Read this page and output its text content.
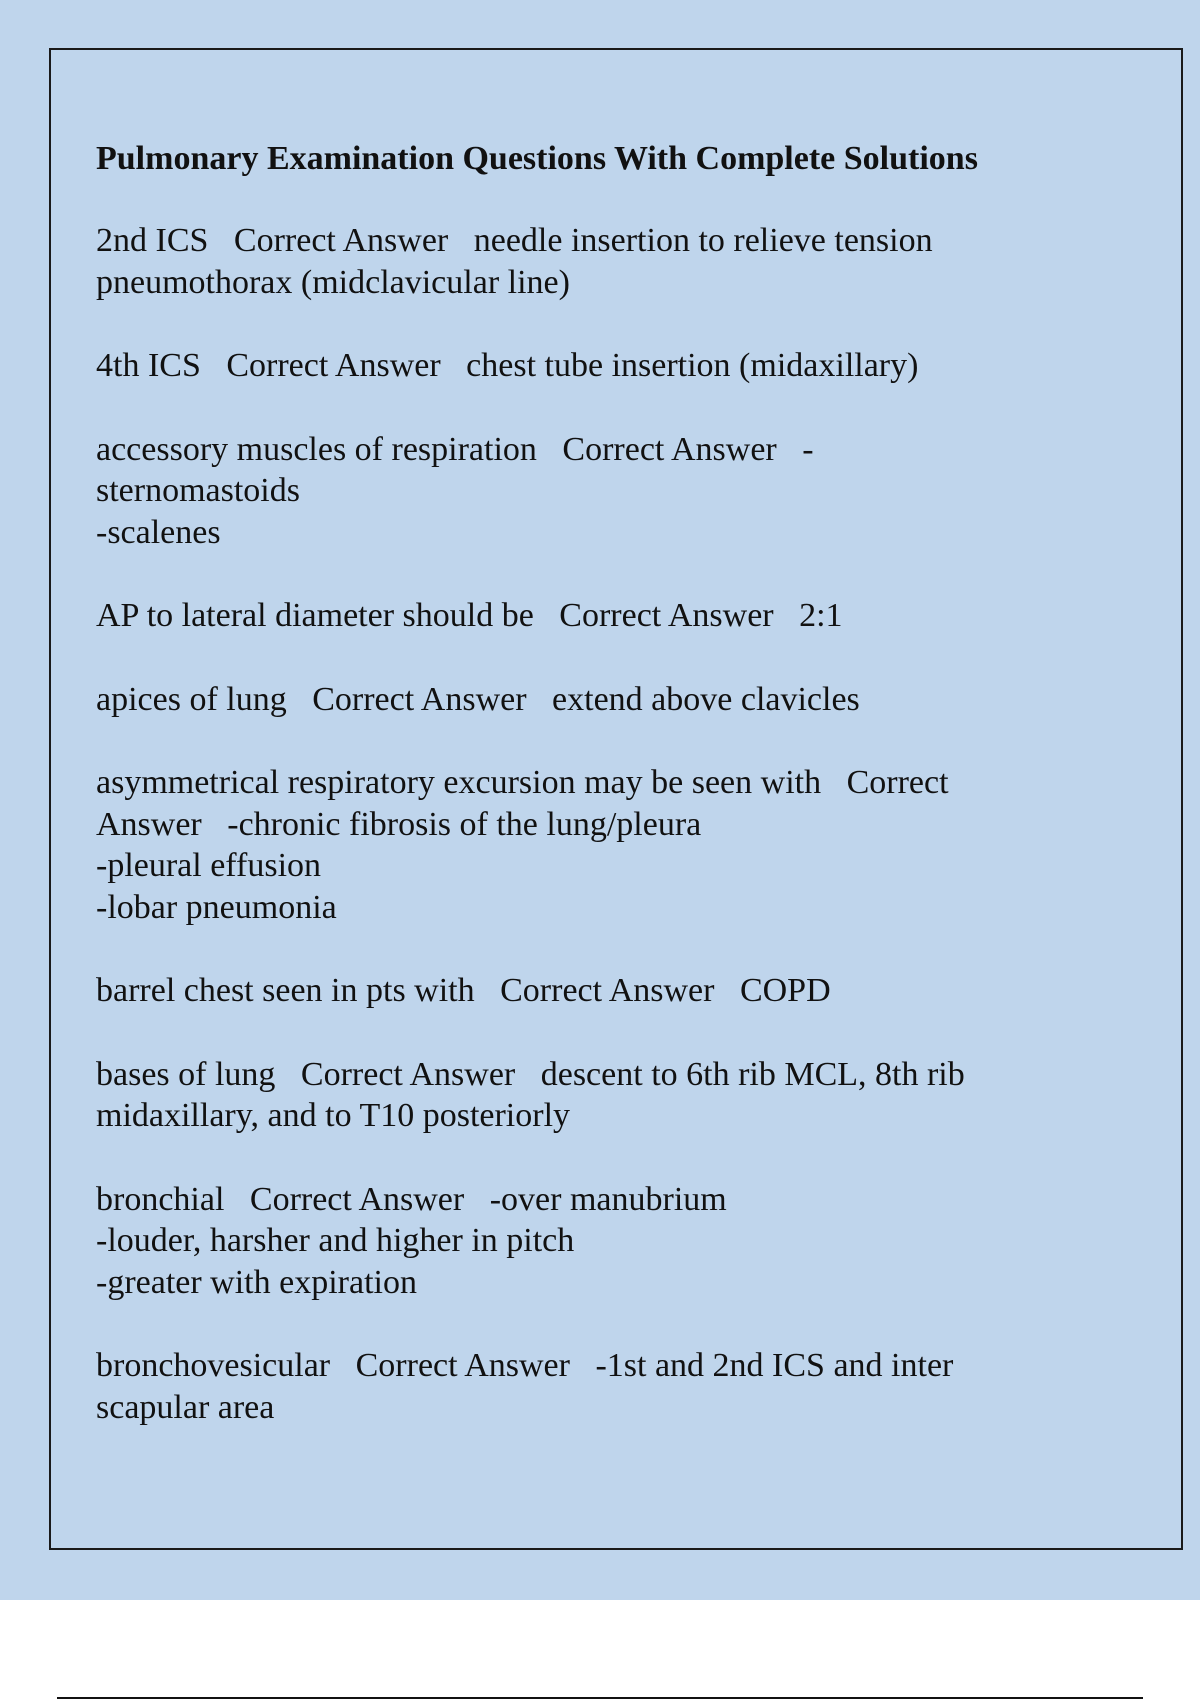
Pulmonary Examination Questions With Complete Solutions
2nd ICS   Correct Answer   needle insertion to relieve tension
pneumothorax (midclavicular line)
4th ICS   Correct Answer   chest tube insertion (midaxillary)
accessory muscles of respiration   Correct Answer   -
sternomastoids
-scalenes
AP to lateral diameter should be   Correct Answer   2:1
apices of lung   Correct Answer   extend above clavicles
asymmetrical respiratory excursion may be seen with   Correct
Answer   -chronic fibrosis of the lung/pleura
-pleural effusion
-lobar pneumonia
barrel chest seen in pts with   Correct Answer   COPD
bases of lung   Correct Answer   descent to 6th rib MCL, 8th rib
midaxillary, and to T10 posteriorly
bronchial   Correct Answer   -over manubrium
-louder, harsher and higher in pitch
-greater with expiration
bronchovesicular   Correct Answer   -1st and 2nd ICS and inter
scapular area
